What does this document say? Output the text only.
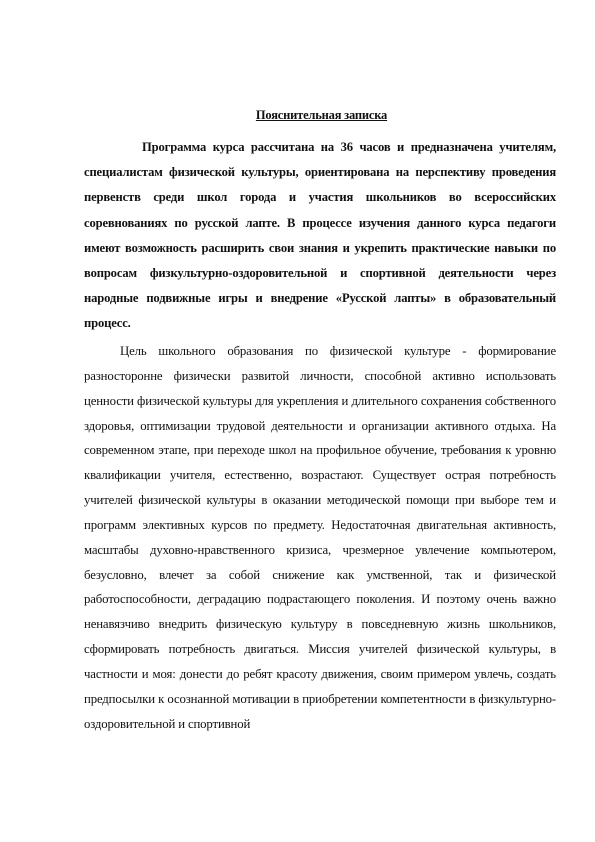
Пояснительная записка

Программа курса рассчитана на 36 часов и предназначена учителям, специалистам физической культуры, ориентирована на перспективу проведения первенств среди школ города и участия школьников во всероссийских соревнованиях по русской лапте. В процессе изучения данного курса педагоги имеют возможность расширить свои знания и укрепить практические навыки по вопросам физкультурно-оздоровительной и спортивной деятельности через народные подвижные игры и внедрение «Русской лапты» в образовательный процесс.

Цель школьного образования по физической культуре - формирование разносторонне физически развитой личности, способной активно использовать ценности физической культуры для укрепления и длительного сохранения собственного здоровья, оптимизации трудовой деятельности и организации активного отдыха. На современном этапе, при переходе школ на профильное обучение, требования к уровню квалификации учителя, естественно, возрастают. Существует острая потребность учителей физической культуры в оказании методической помощи при выборе тем и программ элективных курсов по предмету. Недостаточная двигательная активность, масштабы духовно-нравственного кризиса, чрезмерное увлечение компьютером, безусловно, влечет за собой снижение как умственной, так и физической работоспособности, деградацию подрастающего поколения. И поэтому очень важно ненавязчиво внедрить физическую культуру в повседневную жизнь школьников, сформировать потребность двигаться. Миссия учителей физической культуры, в частности и моя: донести до ребят красоту движения, своим примером увлечь, создать предпосылки к осознанной мотивации в приобретении компетентности в физкультурно-оздоровительной и спортивной
